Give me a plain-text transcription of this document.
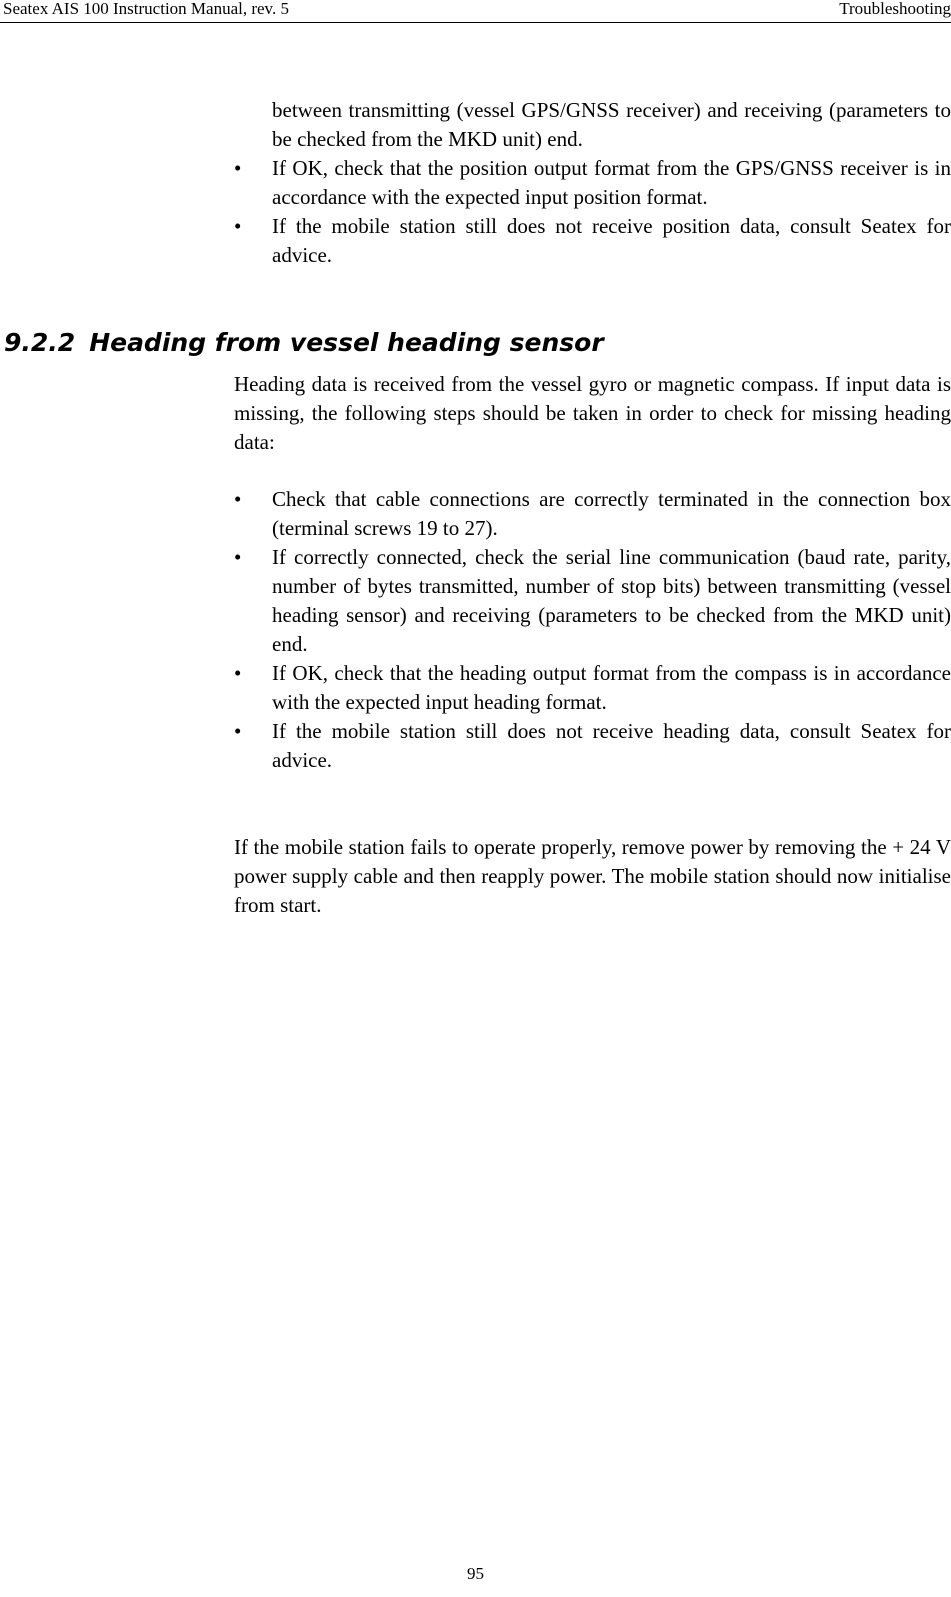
Seatex AIS 100 Instruction Manual, rev. 5	Troubleshooting

between transmitting (vessel GPS/GNSS receiver) and receiving (parameters to be checked from the MKD unit) end.

• If OK, check that the position output format from the GPS/GNSS receiver is in accordance with the expected input position format.

• If the mobile station still does not receive position data, consult Seatex for advice.

9.2.2 Heading from vessel heading sensor

Heading data is received from the vessel gyro or magnetic compass. If input data is missing, the following steps should be taken in order to check for missing heading data:

• Check that cable connections are correctly terminated in the connection box (terminal screws 19 to 27).

• If correctly connected, check the serial line communication (baud rate, parity, number of bytes transmitted, number of stop bits) between transmitting (vessel heading sensor) and receiving (parameters to be checked from the MKD unit) end.

• If OK, check that the heading output format from the compass is in accordance with the expected input heading format.

• If the mobile station still does not receive heading data, consult Seatex for advice.

If the mobile station fails to operate properly, remove power by removing the + 24 V power supply cable and then reapply power. The mobile station should now initialise from start.

95
